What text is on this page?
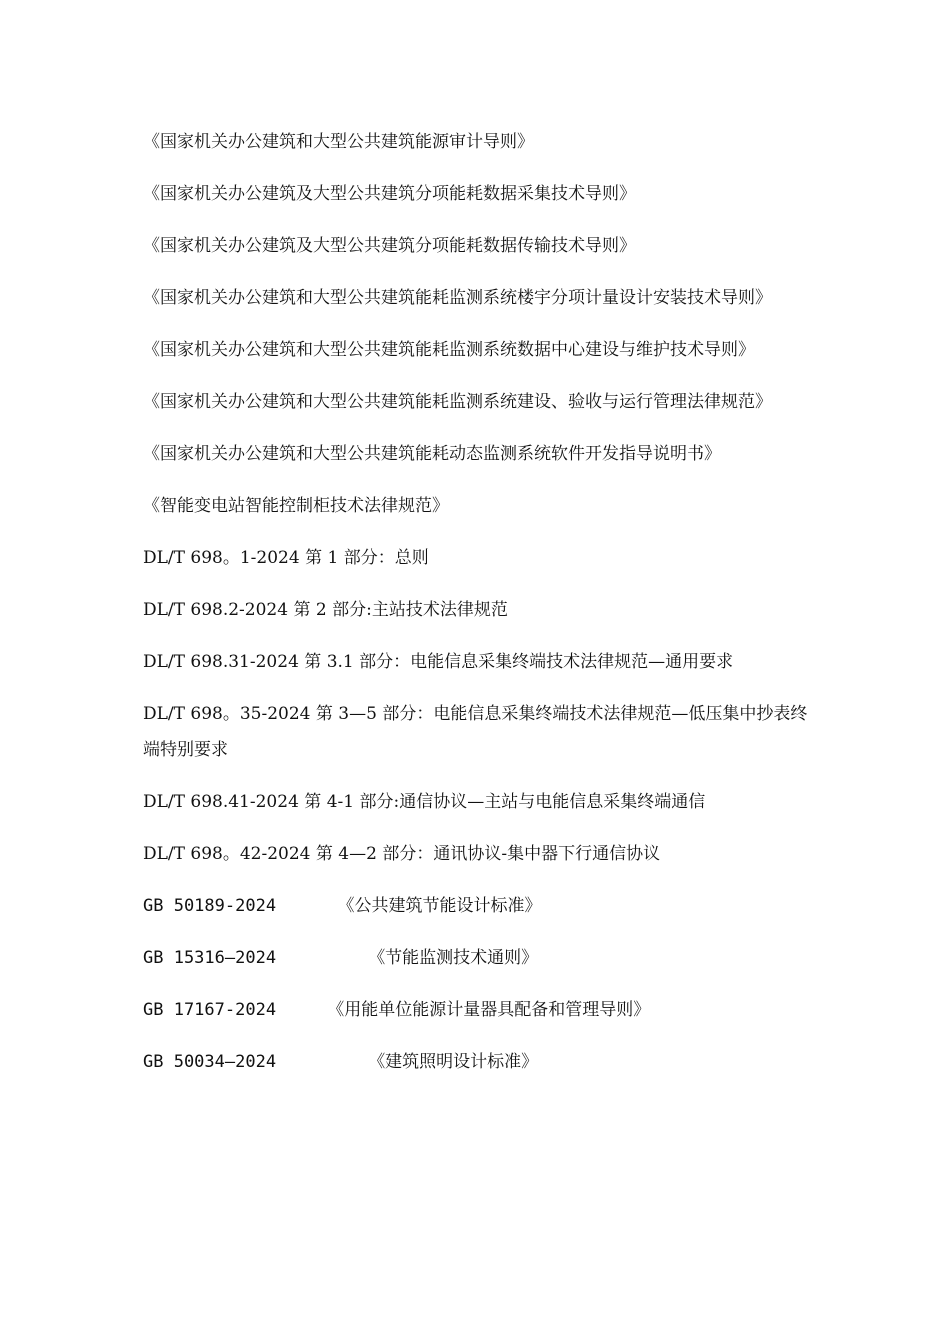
《国家机关办公建筑和大型公共建筑能源审计导则》

《国家机关办公建筑及大型公共建筑分项能耗数据采集技术导则》

《国家机关办公建筑及大型公共建筑分项能耗数据传输技术导则》

《国家机关办公建筑和大型公共建筑能耗监测系统楼宇分项计量设计安装技术导则》

《国家机关办公建筑和大型公共建筑能耗监测系统数据中心建设与维护技术导则》

《国家机关办公建筑和大型公共建筑能耗监测系统建设、验收与运行管理法律规范》

《国家机关办公建筑和大型公共建筑能耗动态监测系统软件开发指导说明书》

《智能变电站智能控制柜技术法律规范》

DL/T 698。1-2024 第 1 部分：总则

DL/T 698.2-2024 第 2 部分:主站技术法律规范

DL/T 698.31-2024 第 3.1 部分：电能信息采集终端技术法律规范—通用要求

DL/T 698。35-2024 第 3—5 部分：电能信息采集终端技术法律规范—低压集中抄表终端特别要求

DL/T 698.41-2024 第 4-1 部分:通信协议—主站与电能信息采集终端通信

DL/T 698。42-2024 第 4—2 部分：通讯协议-集中器下行通信协议

GB 50189-2024	《公共建筑节能设计标准》

GB 15316—2024	《节能监测技术通则》

GB 17167-2024	《用能单位能源计量器具配备和管理导则》

GB 50034—2024	《建筑照明设计标准》
